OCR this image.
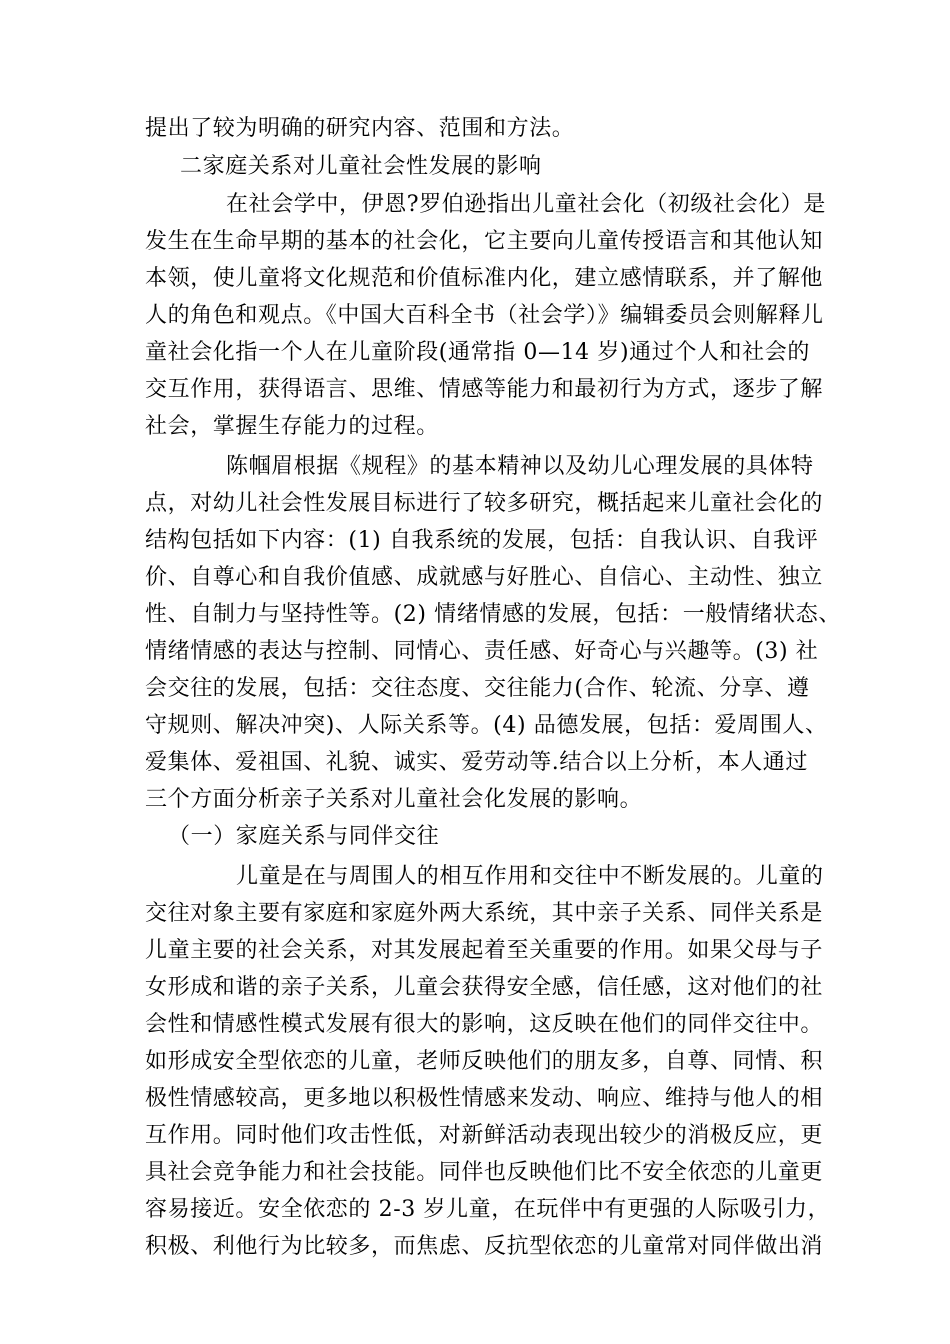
提出了较为明确的研究内容、范围和方法。
二家庭关系对儿童社会性发展的影响
在社会学中，伊恩?罗伯逊指出儿童社会化（初级社会化）是
发生在生命早期的基本的社会化，它主要向儿童传授语言和其他认知
本领，使儿童将文化规范和价值标准内化，建立感情联系，并了解他
人的角色和观点。《中国大百科全书（社会学）》编辑委员会则解释儿
童社会化指一个人在儿童阶段(通常指 0—14 岁)通过个人和社会的
交互作用，获得语言、思维、情感等能力和最初行为方式，逐步了解
社会，掌握生存能力的过程。
陈帼眉根据《规程》的基本精神以及幼儿心理发展的具体特
点，对幼儿社会性发展目标进行了较多研究，概括起来儿童社会化的
结构包括如下内容：(1) 自我系统的发展，包括：自我认识、自我评
价、自尊心和自我价值感、成就感与好胜心、自信心、主动性、独立
性、自制力与坚持性等。(2) 情绪情感的发展，包括：一般情绪状态、
情绪情感的表达与控制、同情心、责任感、好奇心与兴趣等。(3) 社
会交往的发展，包括：交往态度、交往能力(合作、轮流、分享、遵
守规则、解决冲突)、人际关系等。(4) 品德发展，包括：爱周围人、
爱集体、爱祖国、礼貌、诚实、爱劳动等.结合以上分析，本人通过
三个方面分析亲子关系对儿童社会化发展的影响。
（一）家庭关系与同伴交往
儿童是在与周围人的相互作用和交往中不断发展的。儿童的
交往对象主要有家庭和家庭外两大系统，其中亲子关系、同伴关系是
儿童主要的社会关系，对其发展起着至关重要的作用。如果父母与子
女形成和谐的亲子关系，儿童会获得安全感，信任感，这对他们的社
会性和情感性模式发展有很大的影响，这反映在他们的同伴交往中。
如形成安全型依恋的儿童，老师反映他们的朋友多，自尊、同情、积
极性情感较高，更多地以积极性情感来发动、响应、维持与他人的相
互作用。同时他们攻击性低，对新鲜活动表现出较少的消极反应，更
具社会竞争能力和社会技能。同伴也反映他们比不安全依恋的儿童更
容易接近。安全依恋的 2-3 岁儿童，在玩伴中有更强的人际吸引力，
积极、利他行为比较多，而焦虑、反抗型依恋的儿童常对同伴做出消
